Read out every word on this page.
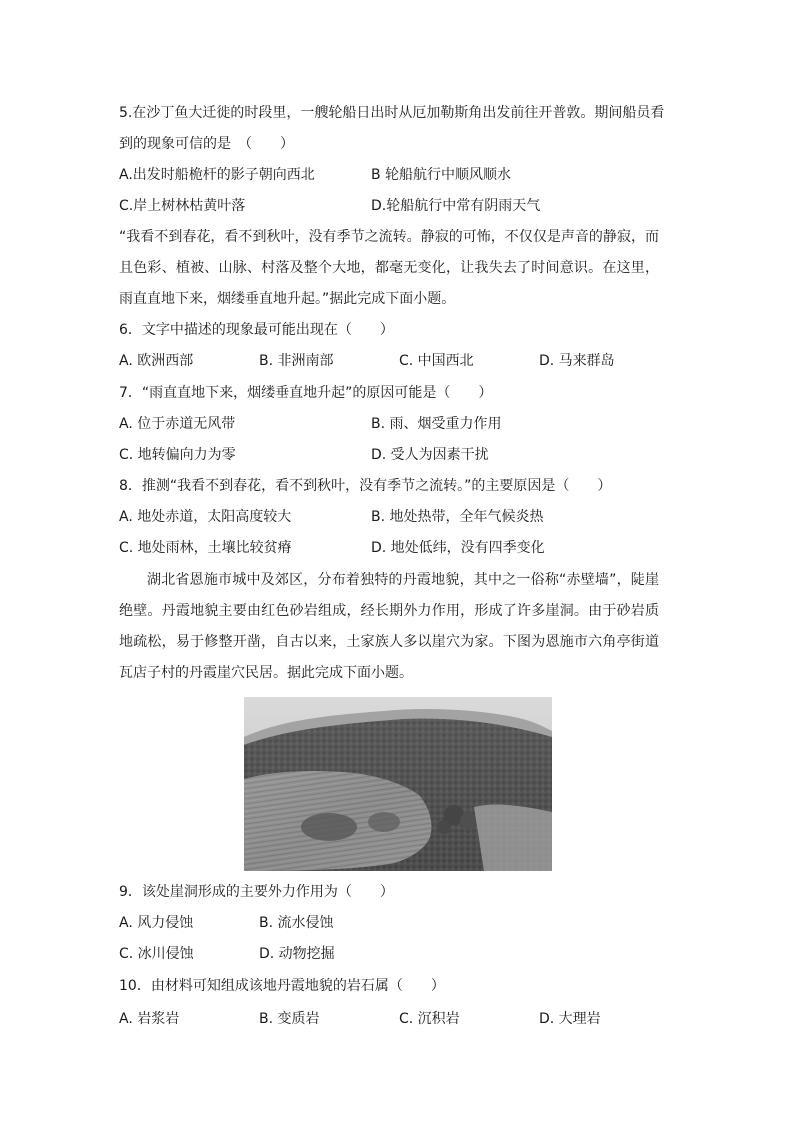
5.在沙丁鱼大迁徙的时段里，一艘轮船日出时从厄加勒斯角出发前往开普敦。期间船员看
到的现象可信的是　（　　）
A.出发时船桅杆的影子朝向西北	B 轮船航行中顺风顺水
C.岸上树林枯黄叶落	D.轮船航行中常有阴雨天气
“我看不到春花，看不到秋叶，没有季节之流转。静寂的可怖，不仅仅是声音的静寂，而且色彩、植被、山脉、村落及整个大地，都毫无变化，让我失去了时间意识。在这里，雨直直地下来，烟缕垂直地升起。”据此完成下面小题。
6．文字中描述的现象最可能出现在（　　）
A. 欧洲西部	B. 非洲南部	C. 中国西北	D. 马来群岛
7．“雨直直地下来，烟缕垂直地升起”的原因可能是（　　）
A. 位于赤道无风带	B. 雨、烟受重力作用
C. 地转偏向力为零	D. 受人为因素干扰
8．推测“我看不到春花，看不到秋叶，没有季节之流转。”的主要原因是（　　）
A. 地处赤道，太阳高度较大	B. 地处热带，全年气候炎热
C. 地处雨林，土壤比较贫瘠	D. 地处低纬，没有四季变化
湖北省恩施市城中及郊区，分布着独特的丹霞地貌，其中之一俗称“赤壁墙”，陡崖绝壁。丹霞地貌主要由红色砂岩组成，经长期外力作用，形成了许多崖洞。由于砂岩质地疏松，易于修整开凿，自古以来，土家族人多以崖穴为家。下图为恩施市六角亭街道瓦店子村的丹霞崖穴民居。据此完成下面小题。
9．该处崖洞形成的主要外力作用为（　　）
A. 风力侵蚀	B. 流水侵蚀
C. 冰川侵蚀	D. 动物挖掘
10．由材料可知组成该地丹霞地貌的岩石属（　　）
A. 岩浆岩	B. 变质岩	C. 沉积岩	D. 大理岩
